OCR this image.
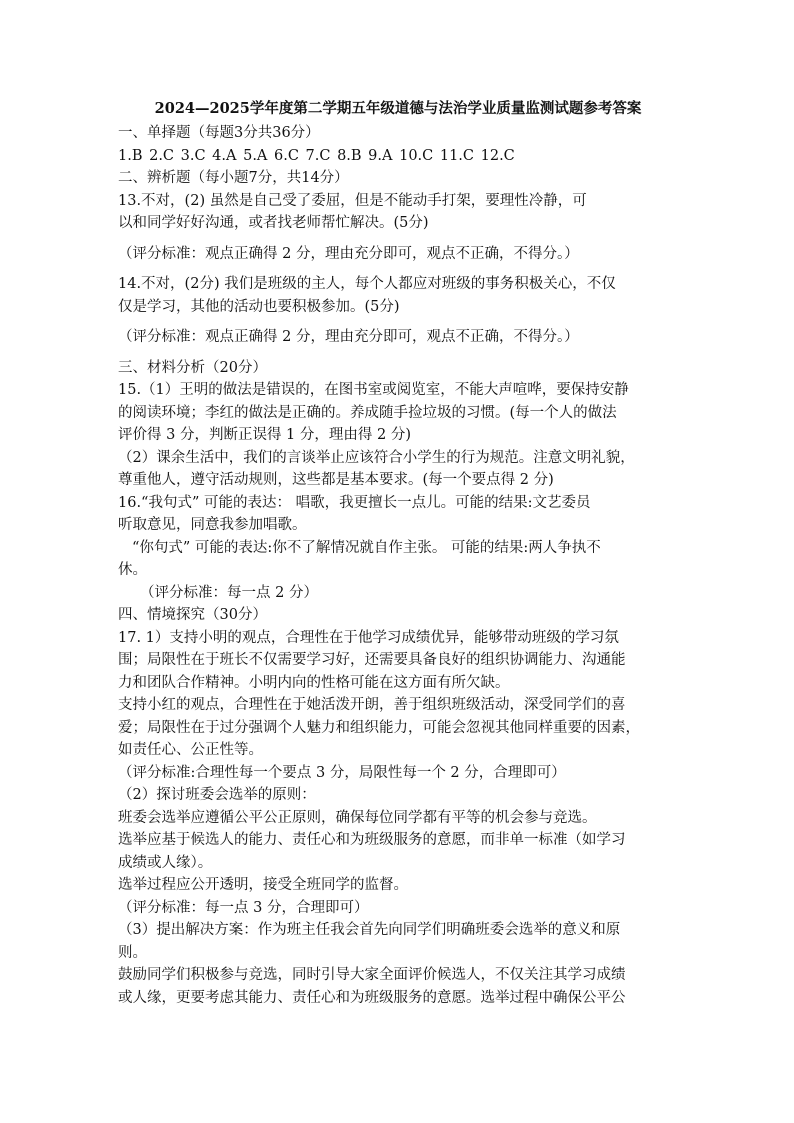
2024—2025学年度第二学期五年级道德与法治学业质量监测试题参考答案

一、单择题（每题3分共36分）

1.B 2.C 3.C 4.A 5.A 6.C 7.C 8.B 9.A 10.C 11.C 12.C

二、辨析题（每小题7分，共14分）

13.不对，(2) 虽然是自己受了委屈，但是不能动手打架，要理性冷静，可

以和同学好好沟通，或者找老师帮忙解决。(5分)

（评分标准：观点正确得 2 分，理由充分即可，观点不正确，不得分。）

14.不对，(2分) 我们是班级的主人，每个人都应对班级的事务积极关心，不仅

仅是学习，其他的活动也要积极参加。(5分)

（评分标准：观点正确得 2 分，理由充分即可，观点不正确，不得分。）

三、材料分析（20分）

15.（1）王明的做法是错误的，在图书室或阅览室，不能大声喧哗，要保持安静

的阅读环境；李红的做法是正确的。养成随手捡垃圾的习惯。(每一个人的做法

评价得 3 分，判断正误得 1 分，理由得 2 分)

（2）课余生活中，我们的言谈举止应该符合小学生的行为规范。注意文明礼貌，

尊重他人，遵守活动规则，这些都是基本要求。(每一个要点得 2 分)

16.“我句式” 可能的表达： 唱歌，我更擅长一点儿。可能的结果:文艺委员

听取意见，同意我参加唱歌。

“你句式” 可能的表达:你不了解情况就自作主张。 可能的结果:两人争执不

休。

（评分标准：每一点 2 分）

四、情境探究（30分）

17. 1）支持小明的观点，合理性在于他学习成绩优异，能够带动班级的学习氛

围；局限性在于班长不仅需要学习好，还需要具备良好的组织协调能力、沟通能

力和团队合作精神。小明内向的性格可能在这方面有所欠缺。

支持小红的观点，合理性在于她活泼开朗，善于组织班级活动，深受同学们的喜

爱；局限性在于过分强调个人魅力和组织能力，可能会忽视其他同样重要的因素，

如责任心、公正性等。

（评分标准:合理性每一个要点 3 分，局限性每一个 2 分，合理即可）

（2）探讨班委会选举的原则：

班委会选举应遵循公平公正原则，确保每位同学都有平等的机会参与竞选。

选举应基于候选人的能力、责任心和为班级服务的意愿，而非单一标准（如学习

成绩或人缘）。

选举过程应公开透明，接受全班同学的监督。

（评分标准：每一点 3 分，合理即可）

（3）提出解决方案：作为班主任我会首先向同学们明确班委会选举的意义和原

则。

鼓励同学们积极参与竞选，同时引导大家全面评价候选人，不仅关注其学习成绩

或人缘，更要考虑其能力、责任心和为班级服务的意愿。选举过程中确保公平公
